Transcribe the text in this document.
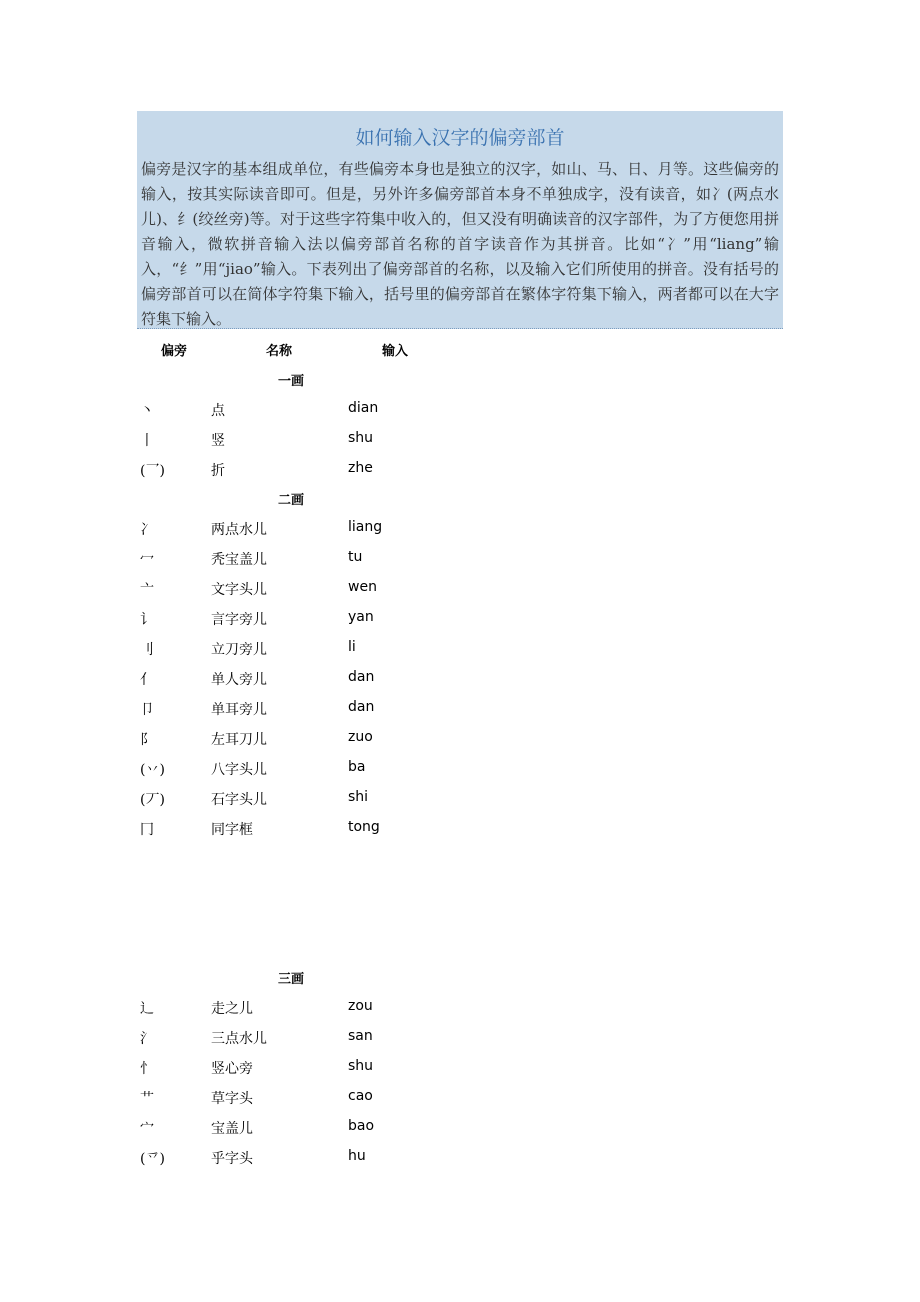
如何输入汉字的偏旁部首
偏旁是汉字的基本组成单位，有些偏旁本身也是独立的汉字，如山、马、日、月等。这些偏旁的输入，按其实际读音即可。但是，另外许多偏旁部首本身不单独成字，没有读音，如冫(两点水儿)、纟(绞丝旁)等。对于这些字符集中收入的，但又没有明确读音的汉字部件，为了方便您用拼音输入，微软拼音输入法以偏旁部首名称的首字读音作为其拼音。比如“冫”用“liang”输入，“纟”用“jiao”输入。下表列出了偏旁部首的名称，以及输入它们所使用的拼音。没有括号的偏旁部首可以在简体字符集下输入，括号里的偏旁部首在繁体字符集下输入，两者都可以在大字符集下输入。
偏旁	名称	输入
一画
丶	点	dian
丨	竖	shu
(乛)	折	zhe
二画
冫	两点水儿	liang
冖	秃宝盖儿	tu
亠	文字头儿	wen
讠	言字旁儿	yan
刂	立刀旁儿	li
亻	单人旁儿	dan
卩	单耳旁儿	dan
阝	左耳刀儿	zuo
(丷)	八字头儿	ba
(丆)	石字头儿	shi
冂	同字框	tong
三画
辶	走之儿	zou
氵	三点水儿	san
忄	竖心旁	shu
艹	草字头	cao
宀	宝盖儿	bao
(乊)	乎字头	hu
